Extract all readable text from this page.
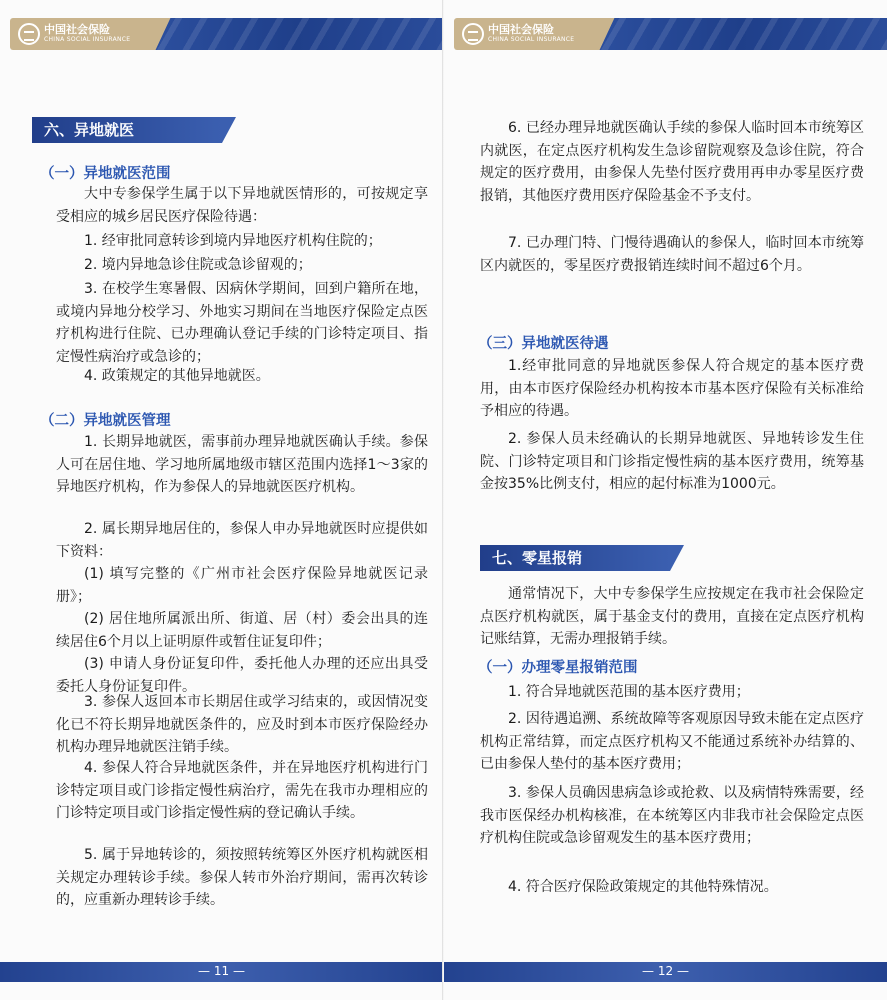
中国社会保险
CHINA SOCIAL INSURANCE
六、异地就医
（一）异地就医范围
大中专参保学生属于以下异地就医情形的，可按规定享受相应的城乡居民医疗保险待遇：
1. 经审批同意转诊到境内异地医疗机构住院的；
2. 境内异地急诊住院或急诊留观的；
3. 在校学生寒暑假、因病休学期间，回到户籍所在地，或境内异地分校学习、外地实习期间在当地医疗保险定点医疗机构进行住院、已办理确认登记手续的门诊特定项目、指定慢性病治疗或急诊的；
4. 政策规定的其他异地就医。
（二）异地就医管理
1. 长期异地就医，需事前办理异地就医确认手续。参保人可在居住地、学习地所属地级市辖区范围内选择1～3家的异地医疗机构，作为参保人的异地就医医疗机构。
2. 属长期异地居住的，参保人申办异地就医时应提供如下资料：
(1) 填写完整的《广州市社会医疗保险异地就医记录册》；
(2) 居住地所属派出所、街道、居（村）委会出具的连续居住6个月以上证明原件或暂住证复印件；
(3) 申请人身份证复印件，委托他人办理的还应出具受委托人身份证复印件。
3. 参保人返回本市长期居住或学习结束的，或因情况变化已不符长期异地就医条件的，应及时到本市医疗保险经办机构办理异地就医注销手续。
4. 参保人符合异地就医条件，并在异地医疗机构进行门诊特定项目或门诊指定慢性病治疗，需先在我市办理相应的门诊特定项目或门诊指定慢性病的登记确认手续。
5. 属于异地转诊的，须按照转统筹区外医疗机构就医相关规定办理转诊手续。参保人转市外治疗期间，需再次转诊的，应重新办理转诊手续。
— 11 —
中国社会保险
CHINA SOCIAL INSURANCE
6. 已经办理异地就医确认手续的参保人临时回本市统筹区内就医，在定点医疗机构发生急诊留院观察及急诊住院，符合规定的医疗费用，由参保人先垫付医疗费用再申办零星医疗费报销，其他医疗费用医疗保险基金不予支付。
7. 已办理门特、门慢待遇确认的参保人，临时回本市统筹区内就医的，零星医疗费报销连续时间不超过6个月。
（三）异地就医待遇
1.经审批同意的异地就医参保人符合规定的基本医疗费用，由本市医疗保险经办机构按本市基本医疗保险有关标准给予相应的待遇。
2. 参保人员未经确认的长期异地就医、异地转诊发生住院、门诊特定项目和门诊指定慢性病的基本医疗费用，统筹基金按35%比例支付，相应的起付标准为1000元。
七、零星报销
通常情况下，大中专参保学生应按规定在我市社会保险定点医疗机构就医，属于基金支付的费用，直接在定点医疗机构记账结算，无需办理报销手续。
（一）办理零星报销范围
1. 符合异地就医范围的基本医疗费用；
2. 因待遇追溯、系统故障等客观原因导致未能在定点医疗机构正常结算，而定点医疗机构又不能通过系统补办结算的、已由参保人垫付的基本医疗费用；
3. 参保人员确因患病急诊或抢救、以及病情特殊需要，经我市医保经办机构核准，在本统筹区内非我市社会保险定点医疗机构住院或急诊留观发生的基本医疗费用；
4. 符合医疗保险政策规定的其他特殊情况。
— 12 —
